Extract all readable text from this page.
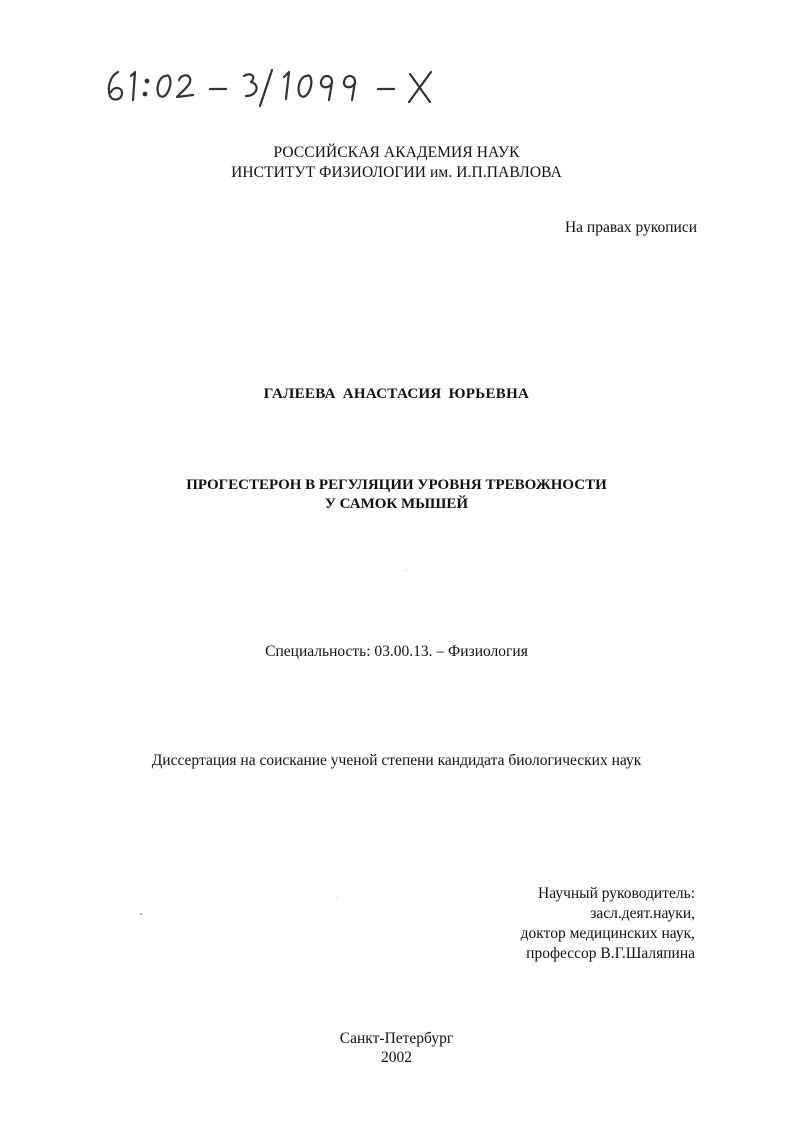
РОССИЙСКАЯ АКАДЕМИЯ НАУК
ИНСТИТУТ ФИЗИОЛОГИИ им. И.П.ПАВЛОВА
На правах рукописи
ГАЛЕЕВА АНАСТАСИЯ ЮРЬЕВНА
ПРОГЕСТЕРОН В РЕГУЛЯЦИИ УРОВНЯ ТРЕВОЖНОСТИ
У САМОК МЫШЕЙ
Специальность: 03.00.13. – Физиология
Диссертация на соискание ученой степени кандидата биологических наук
Научный руководитель:
засл.деят.науки,
доктор медицинских наук,
профессор В.Г.Шаляпина
Санкт-Петербург
2002
